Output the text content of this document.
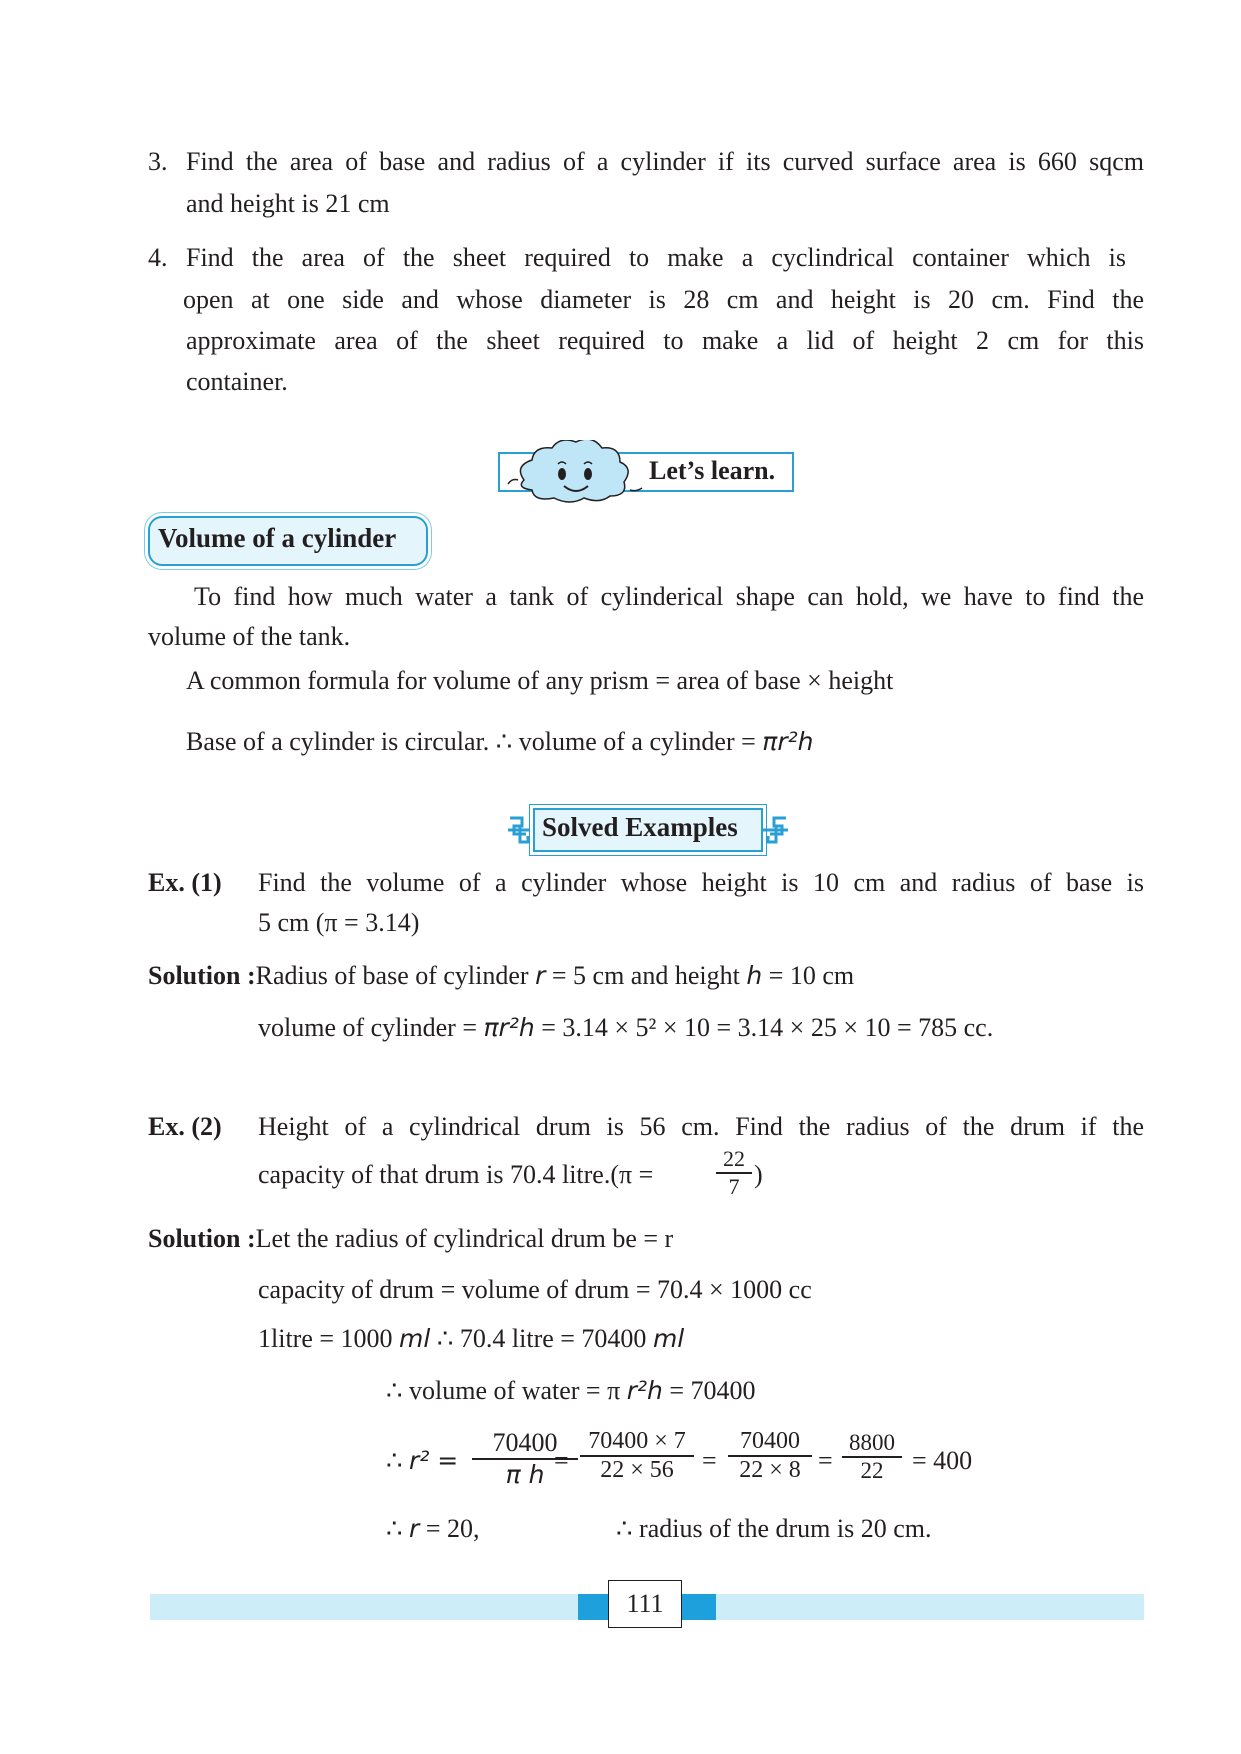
3. Find the area of base and radius of a cylinder if its curved surface area is 660 sqcm
and height is 21 cm
4. Find the area of the sheet required to make a cyclindrical container which is
open at one side and whose diameter is 28 cm and height is 20 cm. Find the
approximate area of the sheet required to make a lid of height 2 cm for this
container.
Let’s learn.
Volume of a cylinder
To find how much water a tank of cylinderical shape can hold, we have to find the
volume of the tank.
A common formula for volume of any prism = area of base × height
Base of a cylinder is circular. ∴ volume of a cylinder = πr²h
Solved Examples
Ex. (1) Find the volume of a cylinder whose height is 10 cm and radius of base is
5 cm (π = 3.14)
Solution :Radius of base of cylinder r = 5 cm and height h = 10 cm
volume of cylinder = πr²h = 3.14 × 5² × 10 = 3.14 × 25 × 10 = 785 cc.
Ex. (2) Height of a cylindrical drum is 56 cm. Find the radius of the drum if the
capacity of that drum is 70.4 litre.(π =
22
7 )
Solution :Let the radius of cylindrical drum be = r
capacity of drum = volume of drum = 70.4 × 1000 cc
1litre = 1000 ml ∴ 70.4 litre = 70400 ml
∴ volume of water = π r²h = 70400
∴ r² =
70400
π h =
70400 × 7
22 × 56	=
70400
22 × 8 =
8800
22	= 400
∴ r = 20,	∴ radius of the drum is 20 cm.
111
